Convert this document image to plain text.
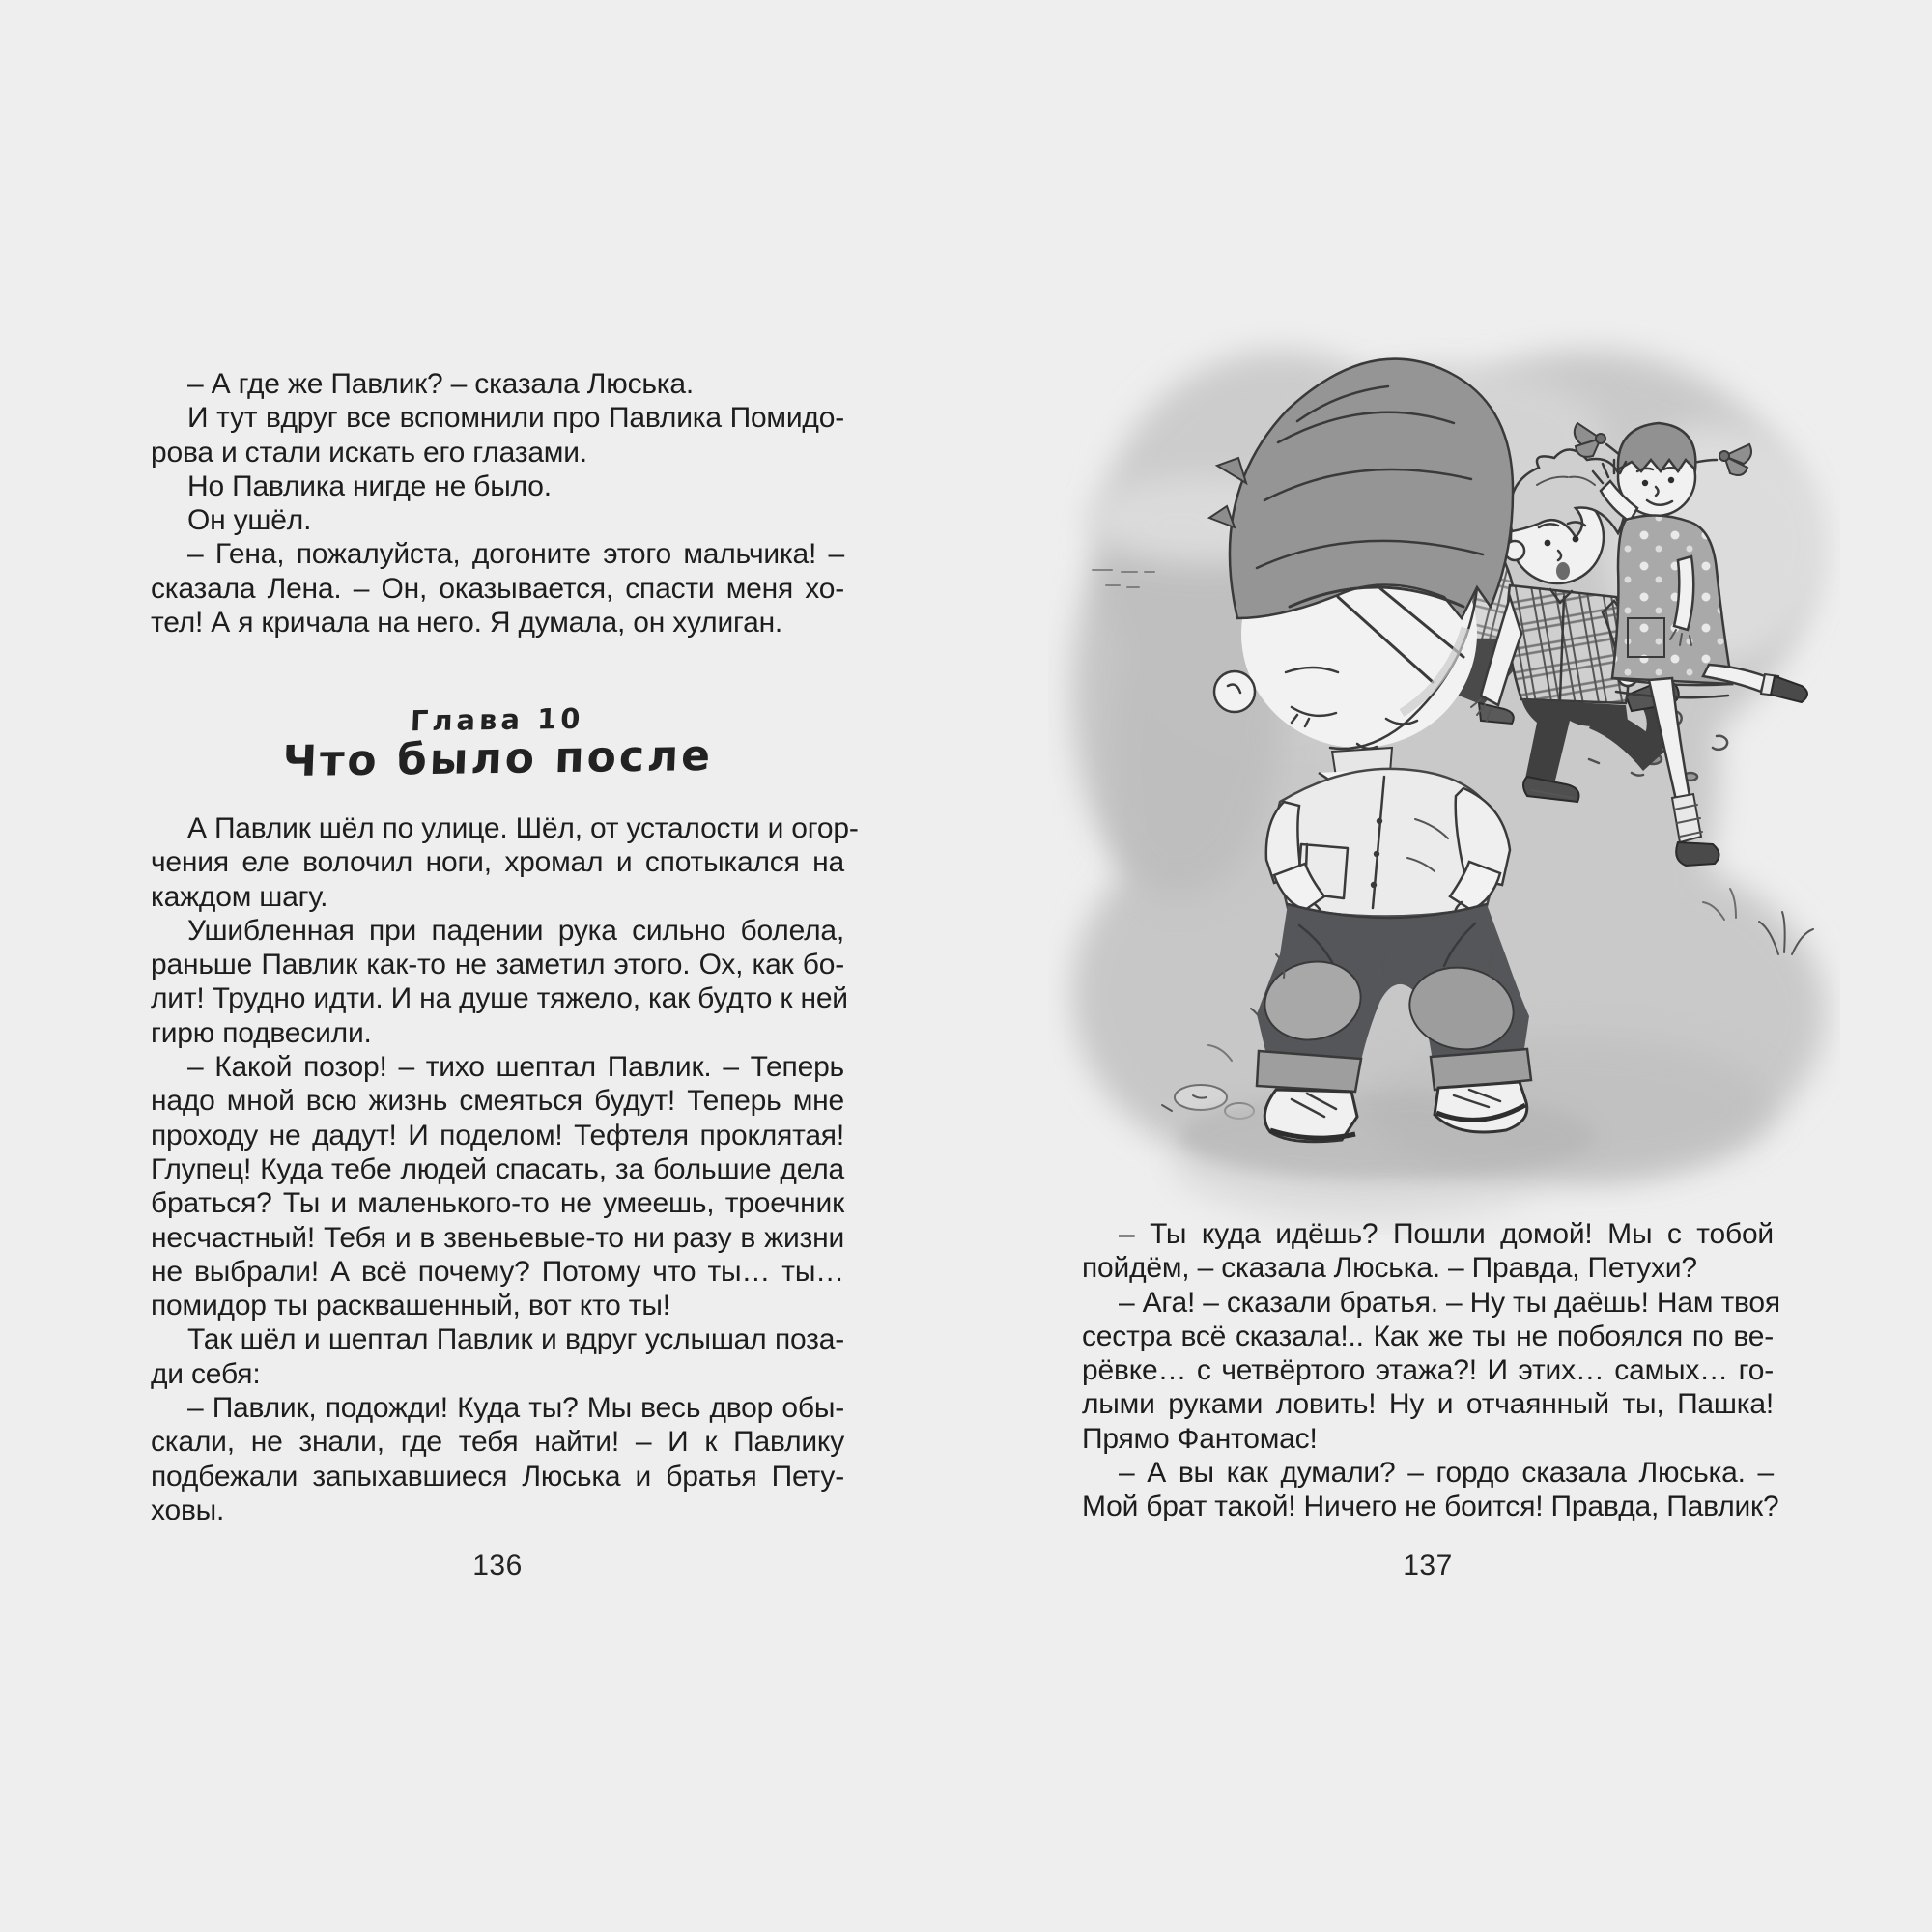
– А где же Павлик? – сказала Люська.
И тут вдруг все вспомнили про Павлика Помидо-
рова и стали искать его глазами.
Но Павлика нигде не было.
Он ушёл.
– Гена, пожалуйста, догоните этого мальчика! –
сказала Лена. – Он, оказывается, спасти меня хо-
тел! А я кричала на него. Я думала, он хулиган.
Глава 10
Что было после
А Павлик шёл по улице. Шёл, от усталости и огор-
чения еле волочил ноги, хромал и спотыкался на
каждом шагу.
Ушибленная при падении рука сильно болела,
раньше Павлик как-то не заметил этого. Ох, как бо-
лит! Трудно идти. И на душе тяжело, как будто к ней
гирю подвесили.
– Какой позор! – тихо шептал Павлик. – Теперь
надо мной всю жизнь смеяться будут! Теперь мне
проходу не дадут! И поделом! Тефтеля проклятая!
Глупец! Куда тебе людей спасать, за большие дела
браться? Ты и маленького-то не умеешь, троечник
несчастный! Тебя и в звеньевые-то ни разу в жизни
не выбрали! А всё почему? Потому что ты… ты…
помидор ты расквашенный, вот кто ты!
Так шёл и шептал Павлик и вдруг услышал поза-
ди себя:
– Павлик, подожди! Куда ты? Мы весь двор обы-
скали, не знали, где тебя найти! – И к Павлику
подбежали запыхавшиеся Люська и братья Пету-
ховы.
136
– Ты куда идёшь? Пошли домой! Мы с тобой
пойдём, – сказала Люська. – Правда, Петухи?
– Ага! – сказали братья. – Ну ты даёшь! Нам твоя
сестра всё сказала!.. Как же ты не побоялся по ве-
рёвке… с четвёртого этажа?! И этих… самых… го-
лыми руками ловить! Ну и отчаянный ты, Пашка!
Прямо Фантомас!
– А вы как думали? – гордо сказала Люська. –
Мой брат такой! Ничего не боится! Правда, Павлик?
137
